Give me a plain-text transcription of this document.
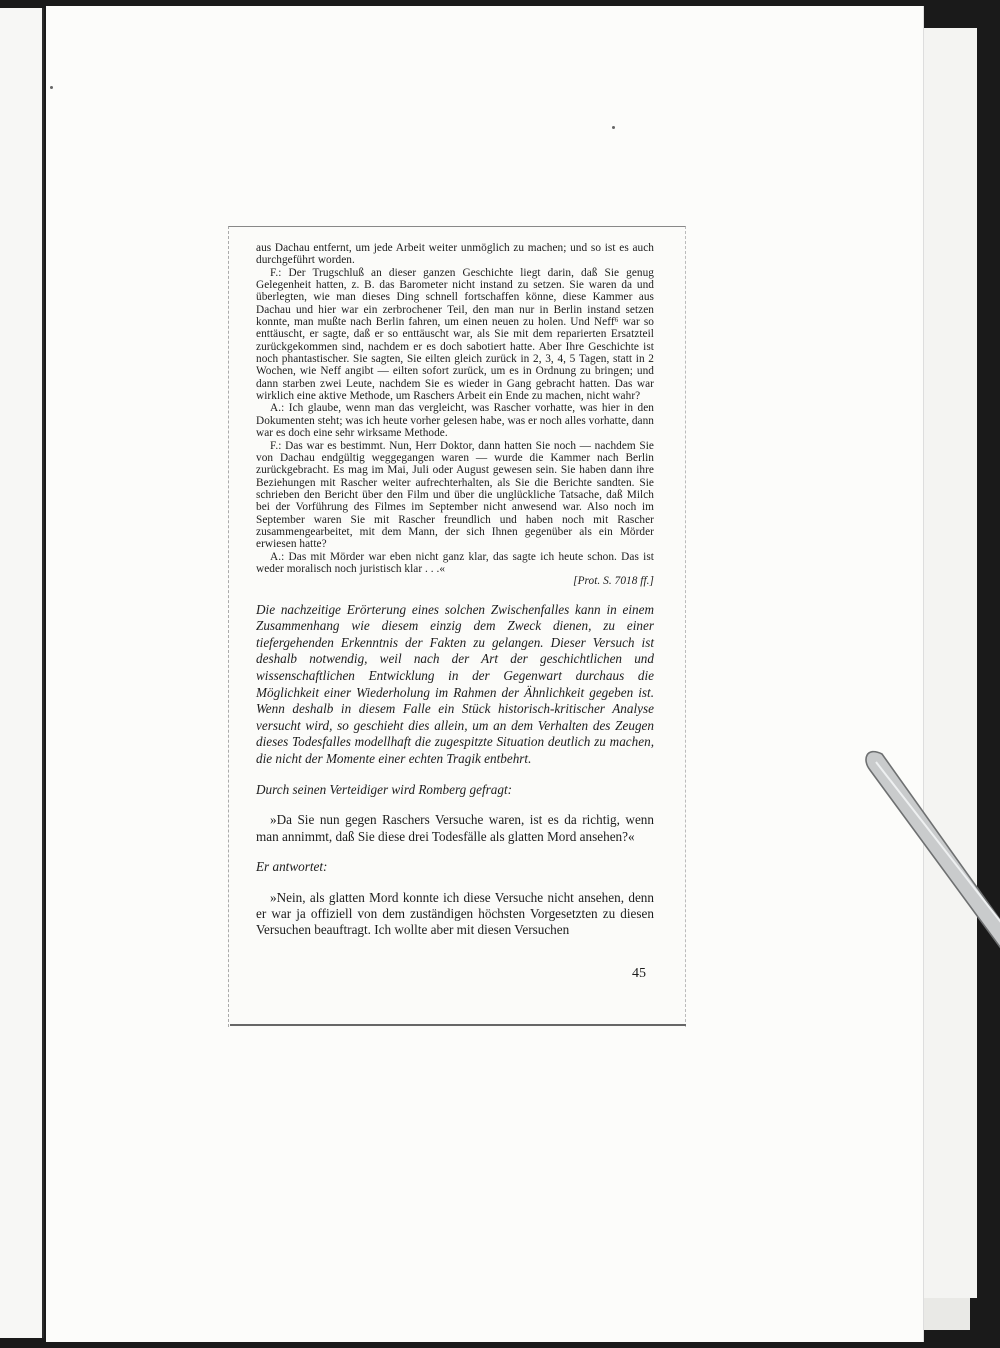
aus Dachau entfernt, um jede Arbeit weiter unmöglich zu machen; und so ist es auch durchgeführt worden.

F.: Der Trugschluß an dieser ganzen Geschichte liegt darin, daß Sie genug Gelegenheit hatten, z. B. das Barometer nicht instand zu setzen. Sie waren da und überlegten, wie man dieses Ding schnell fortschaffen könne, diese Kammer aus Dachau und hier war ein zerbrochener Teil, den man nur in Berlin instand setzen konnte, man mußte nach Berlin fahren, um einen neuen zu holen. Und Neff⁶ war so enttäuscht, er sagte, daß er so enttäuscht war, als Sie mit dem reparierten Ersatzteil zurückgekommen sind, nachdem er es doch sabotiert hatte. Aber Ihre Geschichte ist noch phantastischer. Sie sagten, Sie eilten gleich zurück in 2, 3, 4, 5 Tagen, statt in 2 Wochen, wie Neff angibt — eilten sofort zurück, um es in Ordnung zu bringen; und dann starben zwei Leute, nachdem Sie es wieder in Gang gebracht hatten. Das war wirklich eine aktive Methode, um Raschers Arbeit ein Ende zu machen, nicht wahr?

A.: Ich glaube, wenn man das vergleicht, was Rascher vorhatte, was hier in den Dokumenten steht; was ich heute vorher gelesen habe, was er noch alles vorhatte, dann war es doch eine sehr wirksame Methode.

F.: Das war es bestimmt. Nun, Herr Doktor, dann hatten Sie noch — nachdem Sie von Dachau endgültig weggegangen waren — wurde die Kammer nach Berlin zurückgebracht. Es mag im Mai, Juli oder August gewesen sein. Sie haben dann ihre Beziehungen mit Rascher weiter aufrechterhalten, als Sie die Berichte sandten. Sie schrieben den Bericht über den Film und über die unglückliche Tatsache, daß Milch bei der Vorführung des Filmes im September nicht anwesend war. Also noch im September waren Sie mit Rascher freundlich und haben noch mit Rascher zusammengearbeitet, mit dem Mann, der sich Ihnen gegenüber als ein Mörder erwiesen hatte?

A.: Das mit Mörder war eben nicht ganz klar, das sagte ich heute schon. Das ist weder moralisch noch juristisch klar . . .«

[Prot. S. 7018 ff.]

Die nachzeitige Erörterung eines solchen Zwischenfalles kann in einem Zusammenhang wie diesem einzig dem Zweck dienen, zu einer tiefergehenden Erkenntnis der Fakten zu gelangen. Dieser Versuch ist deshalb notwendig, weil nach der Art der geschichtlichen und wissenschaftlichen Entwicklung in der Gegenwart durchaus die Möglichkeit einer Wiederholung im Rahmen der Ähnlichkeit gegeben ist. Wenn deshalb in diesem Falle ein Stück historisch-kritischer Analyse versucht wird, so geschieht dies allein, um an dem Verhalten des Zeugen dieses Todesfalles modellhaft die zugespitzte Situation deutlich zu machen, die nicht der Momente einer echten Tragik entbehrt.

Durch seinen Verteidiger wird Romberg gefragt:

»Da Sie nun gegen Raschers Versuche waren, ist es da richtig, wenn man annimmt, daß Sie diese drei Todesfälle als glatten Mord ansehen?«

Er antwortet:

»Nein, als glatten Mord konnte ich diese Versuche nicht ansehen, denn er war ja offiziell von dem zuständigen höchsten Vorgesetzten zu diesen Versuchen beauftragt. Ich wollte aber mit diesen Versuchen

45
